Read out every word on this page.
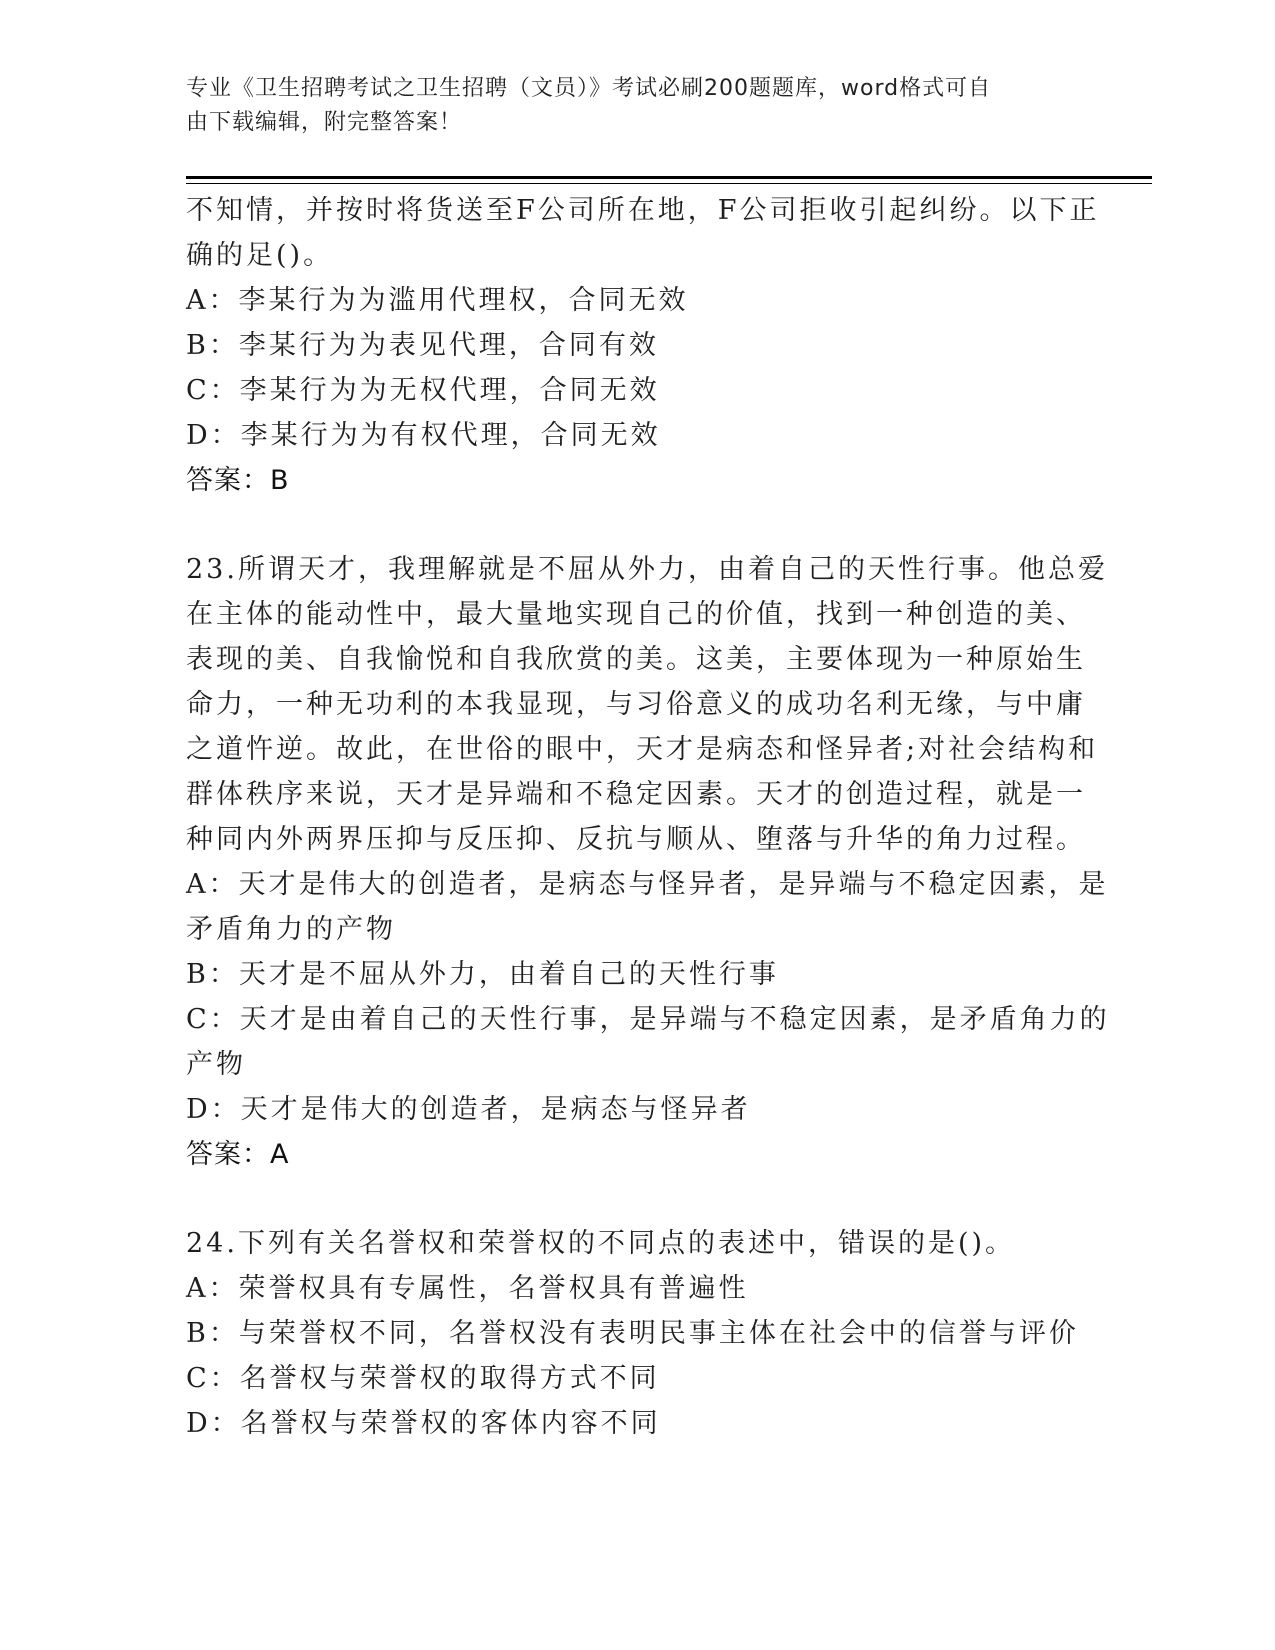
专业《卫生招聘考试之卫生招聘（文员）》考试必刷200题题库，word格式可自
由下载编辑，附完整答案！
不知情，并按时将货送至F公司所在地，F公司拒收引起纠纷。以下正
确的足()。
A：李某行为为滥用代理权，合同无效
B：李某行为为表见代理，合同有效
C：李某行为为无权代理，合同无效
D：李某行为为有权代理，合同无效
答案：B
23.所谓天才，我理解就是不屈从外力，由着自己的天性行事。他总爱
在主体的能动性中，最大量地实现自己的价值，找到一种创造的美、
表现的美、自我愉悦和自我欣赏的美。这美，主要体现为一种原始生
命力，一种无功利的本我显现，与习俗意义的成功名利无缘，与中庸
之道忤逆。故此，在世俗的眼中，天才是病态和怪异者;对社会结构和
群体秩序来说，天才是异端和不稳定因素。天才的创造过程，就是一
种同内外两界压抑与反压抑、反抗与顺从、堕落与升华的角力过程。
A：天才是伟大的创造者，是病态与怪异者，是异端与不稳定因素，是
矛盾角力的产物
B：天才是不屈从外力，由着自己的天性行事
C：天才是由着自己的天性行事，是异端与不稳定因素，是矛盾角力的
产物
D：天才是伟大的创造者，是病态与怪异者
答案：A
24.下列有关名誉权和荣誉权的不同点的表述中，错误的是()。
A：荣誉权具有专属性，名誉权具有普遍性
B：与荣誉权不同，名誉权没有表明民事主体在社会中的信誉与评价
C：名誉权与荣誉权的取得方式不同
D：名誉权与荣誉权的客体内容不同
